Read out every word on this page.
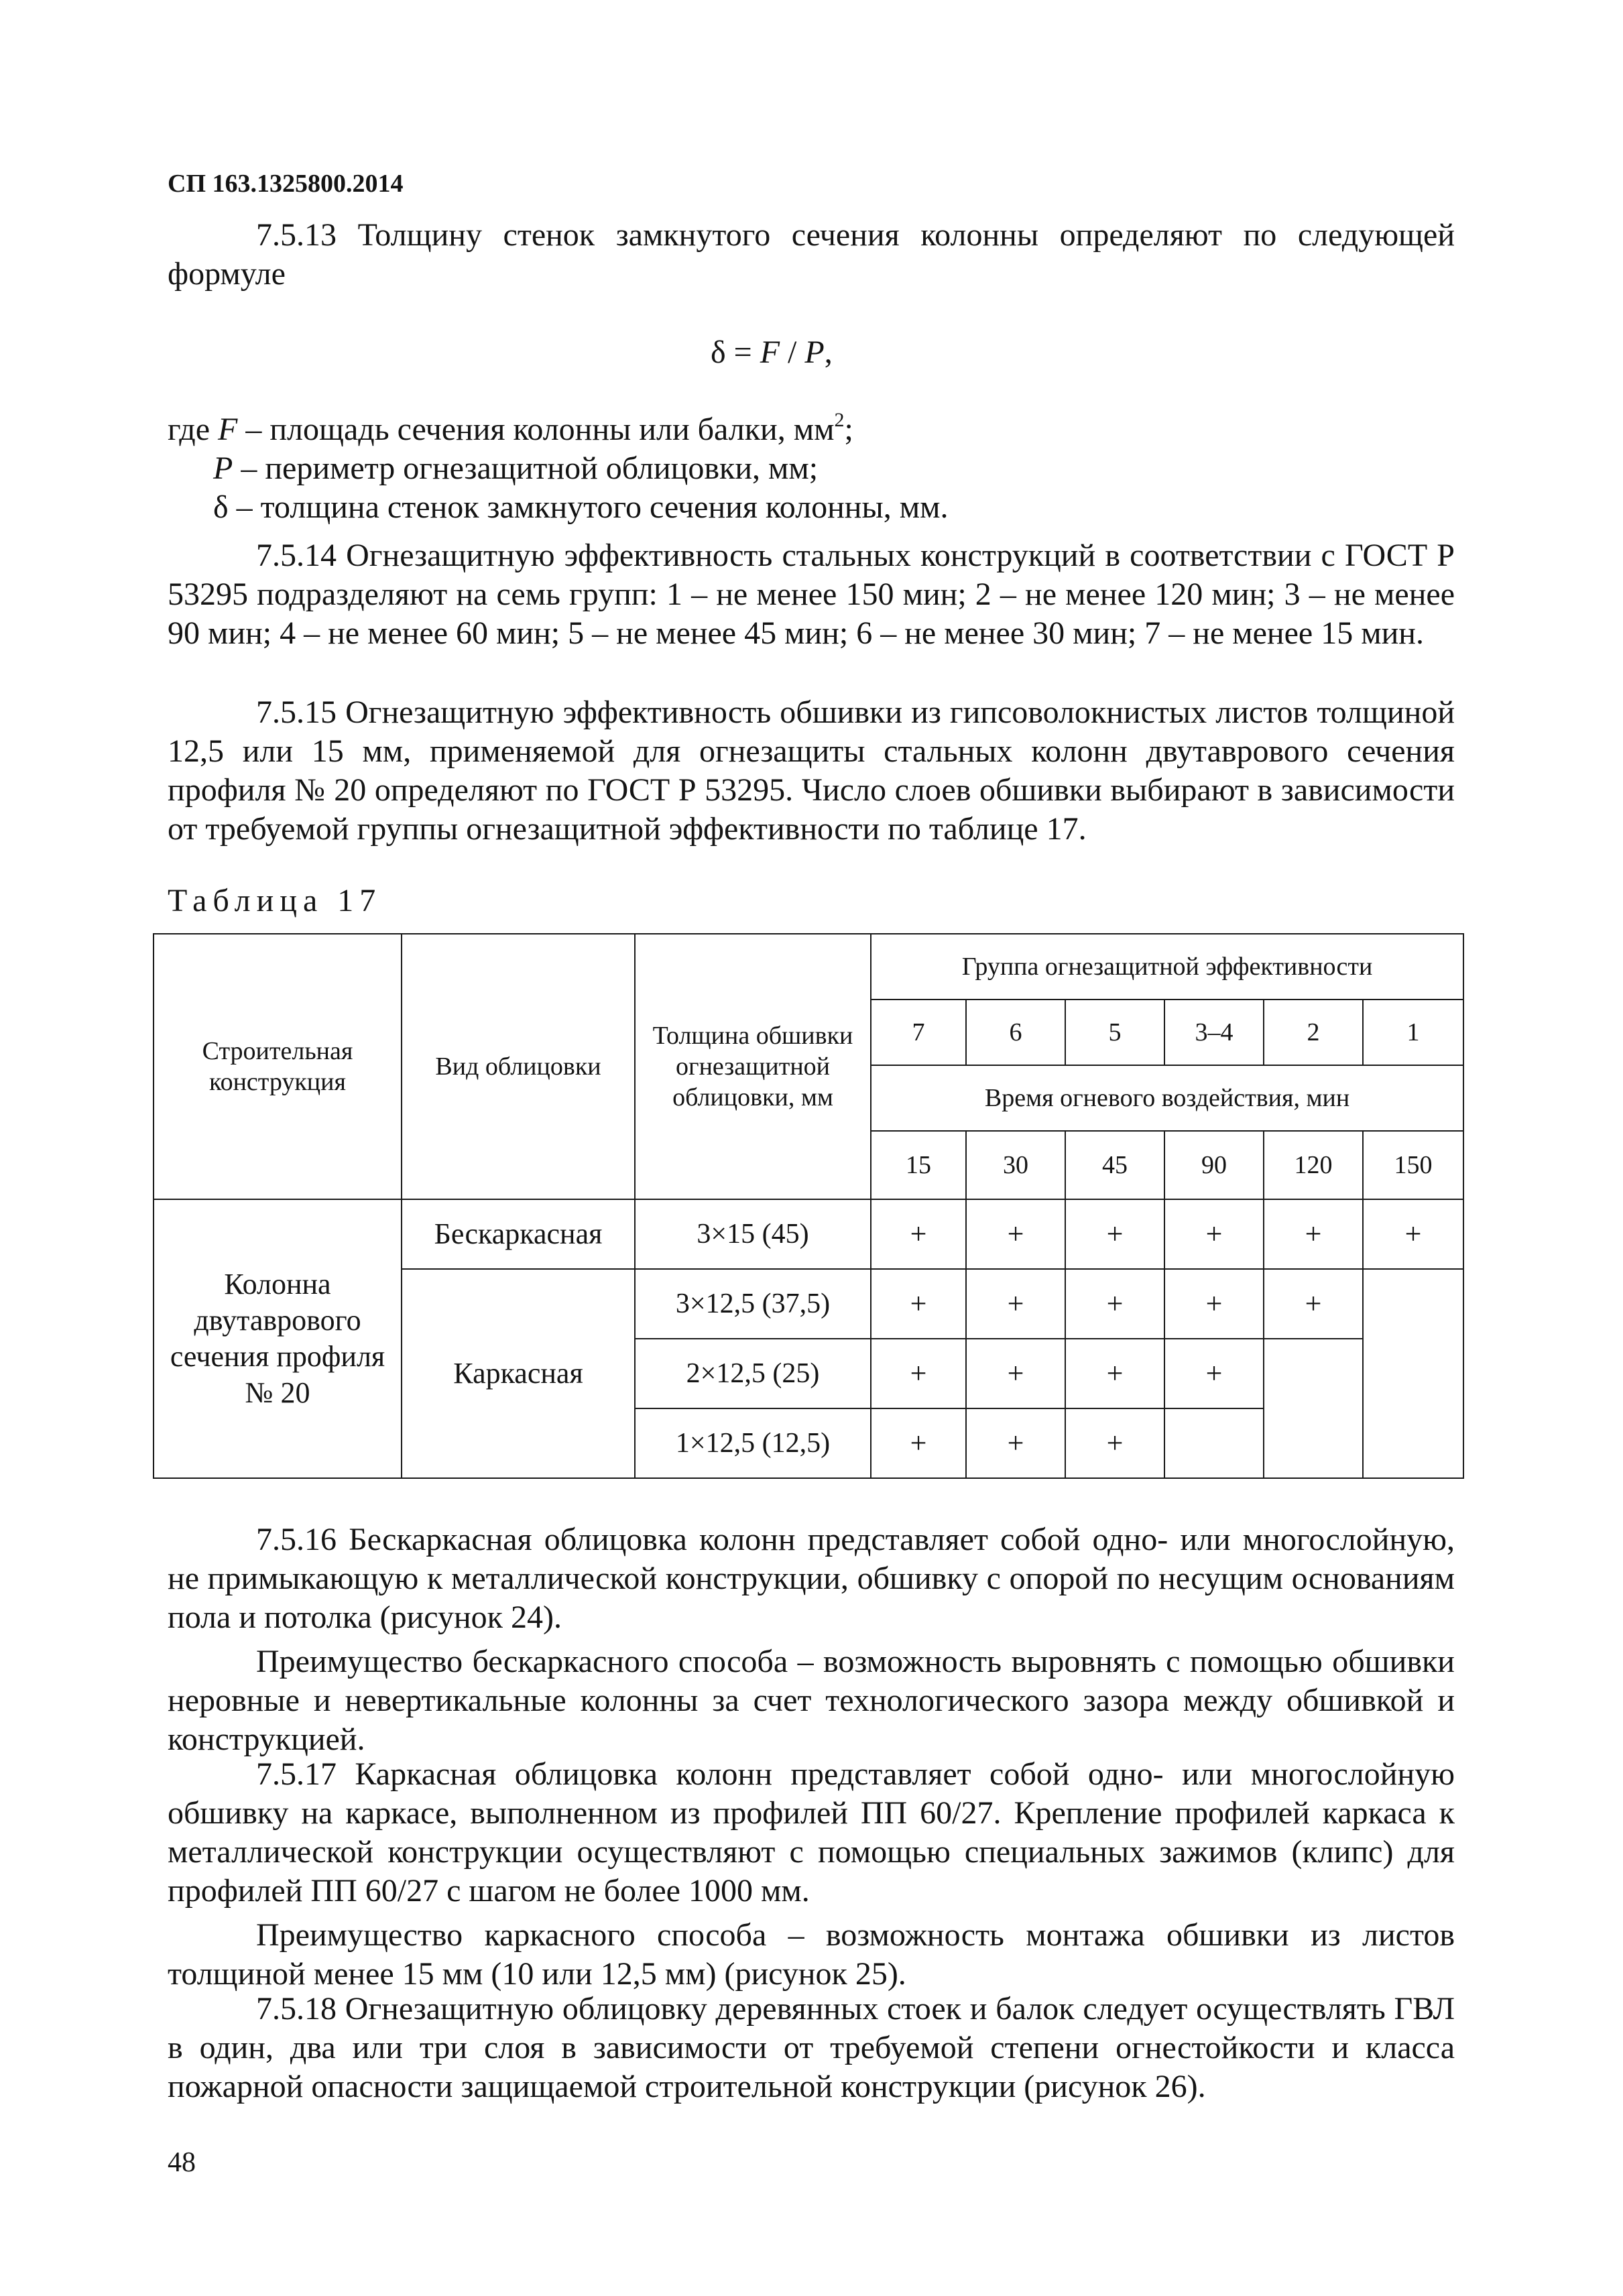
СП 163.1325800.2014

7.5.13 Толщину стенок замкнутого сечения колонны определяют по следующей формуле

δ = F / P,

где F – площадь сечения колонны или балки, $мм^2$;

P – периметр огнезащитной облицовки, мм;

δ – толщина стенок замкнутого сечения колонны, мм.

7.5.14 Огнезащитную эффективность стальных конструкций в соответствии с ГОСТ Р 53295 подразделяют на семь групп: 1 – не менее 150 мин; 2 – не менее 120 мин; 3 – не менее 90 мин; 4 – не менее 60 мин; 5 – не менее 45 мин; 6 – не менее 30 мин; 7 – не менее 15 мин.

7.5.15 Огнезащитную эффективность обшивки из гипсоволокнистых листов толщиной 12,5 или 15 мм, применяемой для огнезащиты стальных колонн двутаврового сечения профиля № 20 определяют по ГОСТ Р 53295. Число слоев обшивки выбирают в зависимости от требуемой группы огнезащитной эффективности по таблице 17.

Таблица 17
Строительная конструкция	Вид облицовки	Толщина обшивки огнезащитной облицовки, мм	Группа огнезащитной эффективности					
			7	6	5	3–4	2	1
			Время огневого воздействия, мин					
			15	30	45	90	120	150
Колонна двутаврового сечения профиля № 20	Бескаркасная	3×15 (45)	+	+	+	+	+	+
	Каркасная	3×12,5 (37,5)	+	+	+	+	+	
		2×12,5 (25)	+	+	+	+		
		1×12,5 (12,5)	+	+	+			

7.5.16 Бескаркасная облицовка колонн представляет собой одно- или многослойную, не примыкающую к металлической конструкции, обшивку с опорой по несущим основаниям пола и потолка (рисунок 24).

Преимущество бескаркасного способа – возможность выровнять с помощью обшивки неровные и невертикальные колонны за счет технологического зазора между обшивкой и конструкцией.

7.5.17 Каркасная облицовка колонн представляет собой одно- или многослойную обшивку на каркасе, выполненном из профилей ПП 60/27. Крепление профилей каркаса к металлической конструкции осуществляют с помощью специальных зажимов (клипс) для профилей ПП 60/27 с шагом не более 1000 мм.

Преимущество каркасного способа – возможность монтажа обшивки из листов толщиной менее 15 мм (10 или 12,5 мм) (рисунок 25).

7.5.18 Огнезащитную облицовку деревянных стоек и балок следует осуществлять ГВЛ в один, два или три слоя в зависимости от требуемой степени огнестойкости и класса пожарной опасности защищаемой строительной конструкции (рисунок 26).

48
